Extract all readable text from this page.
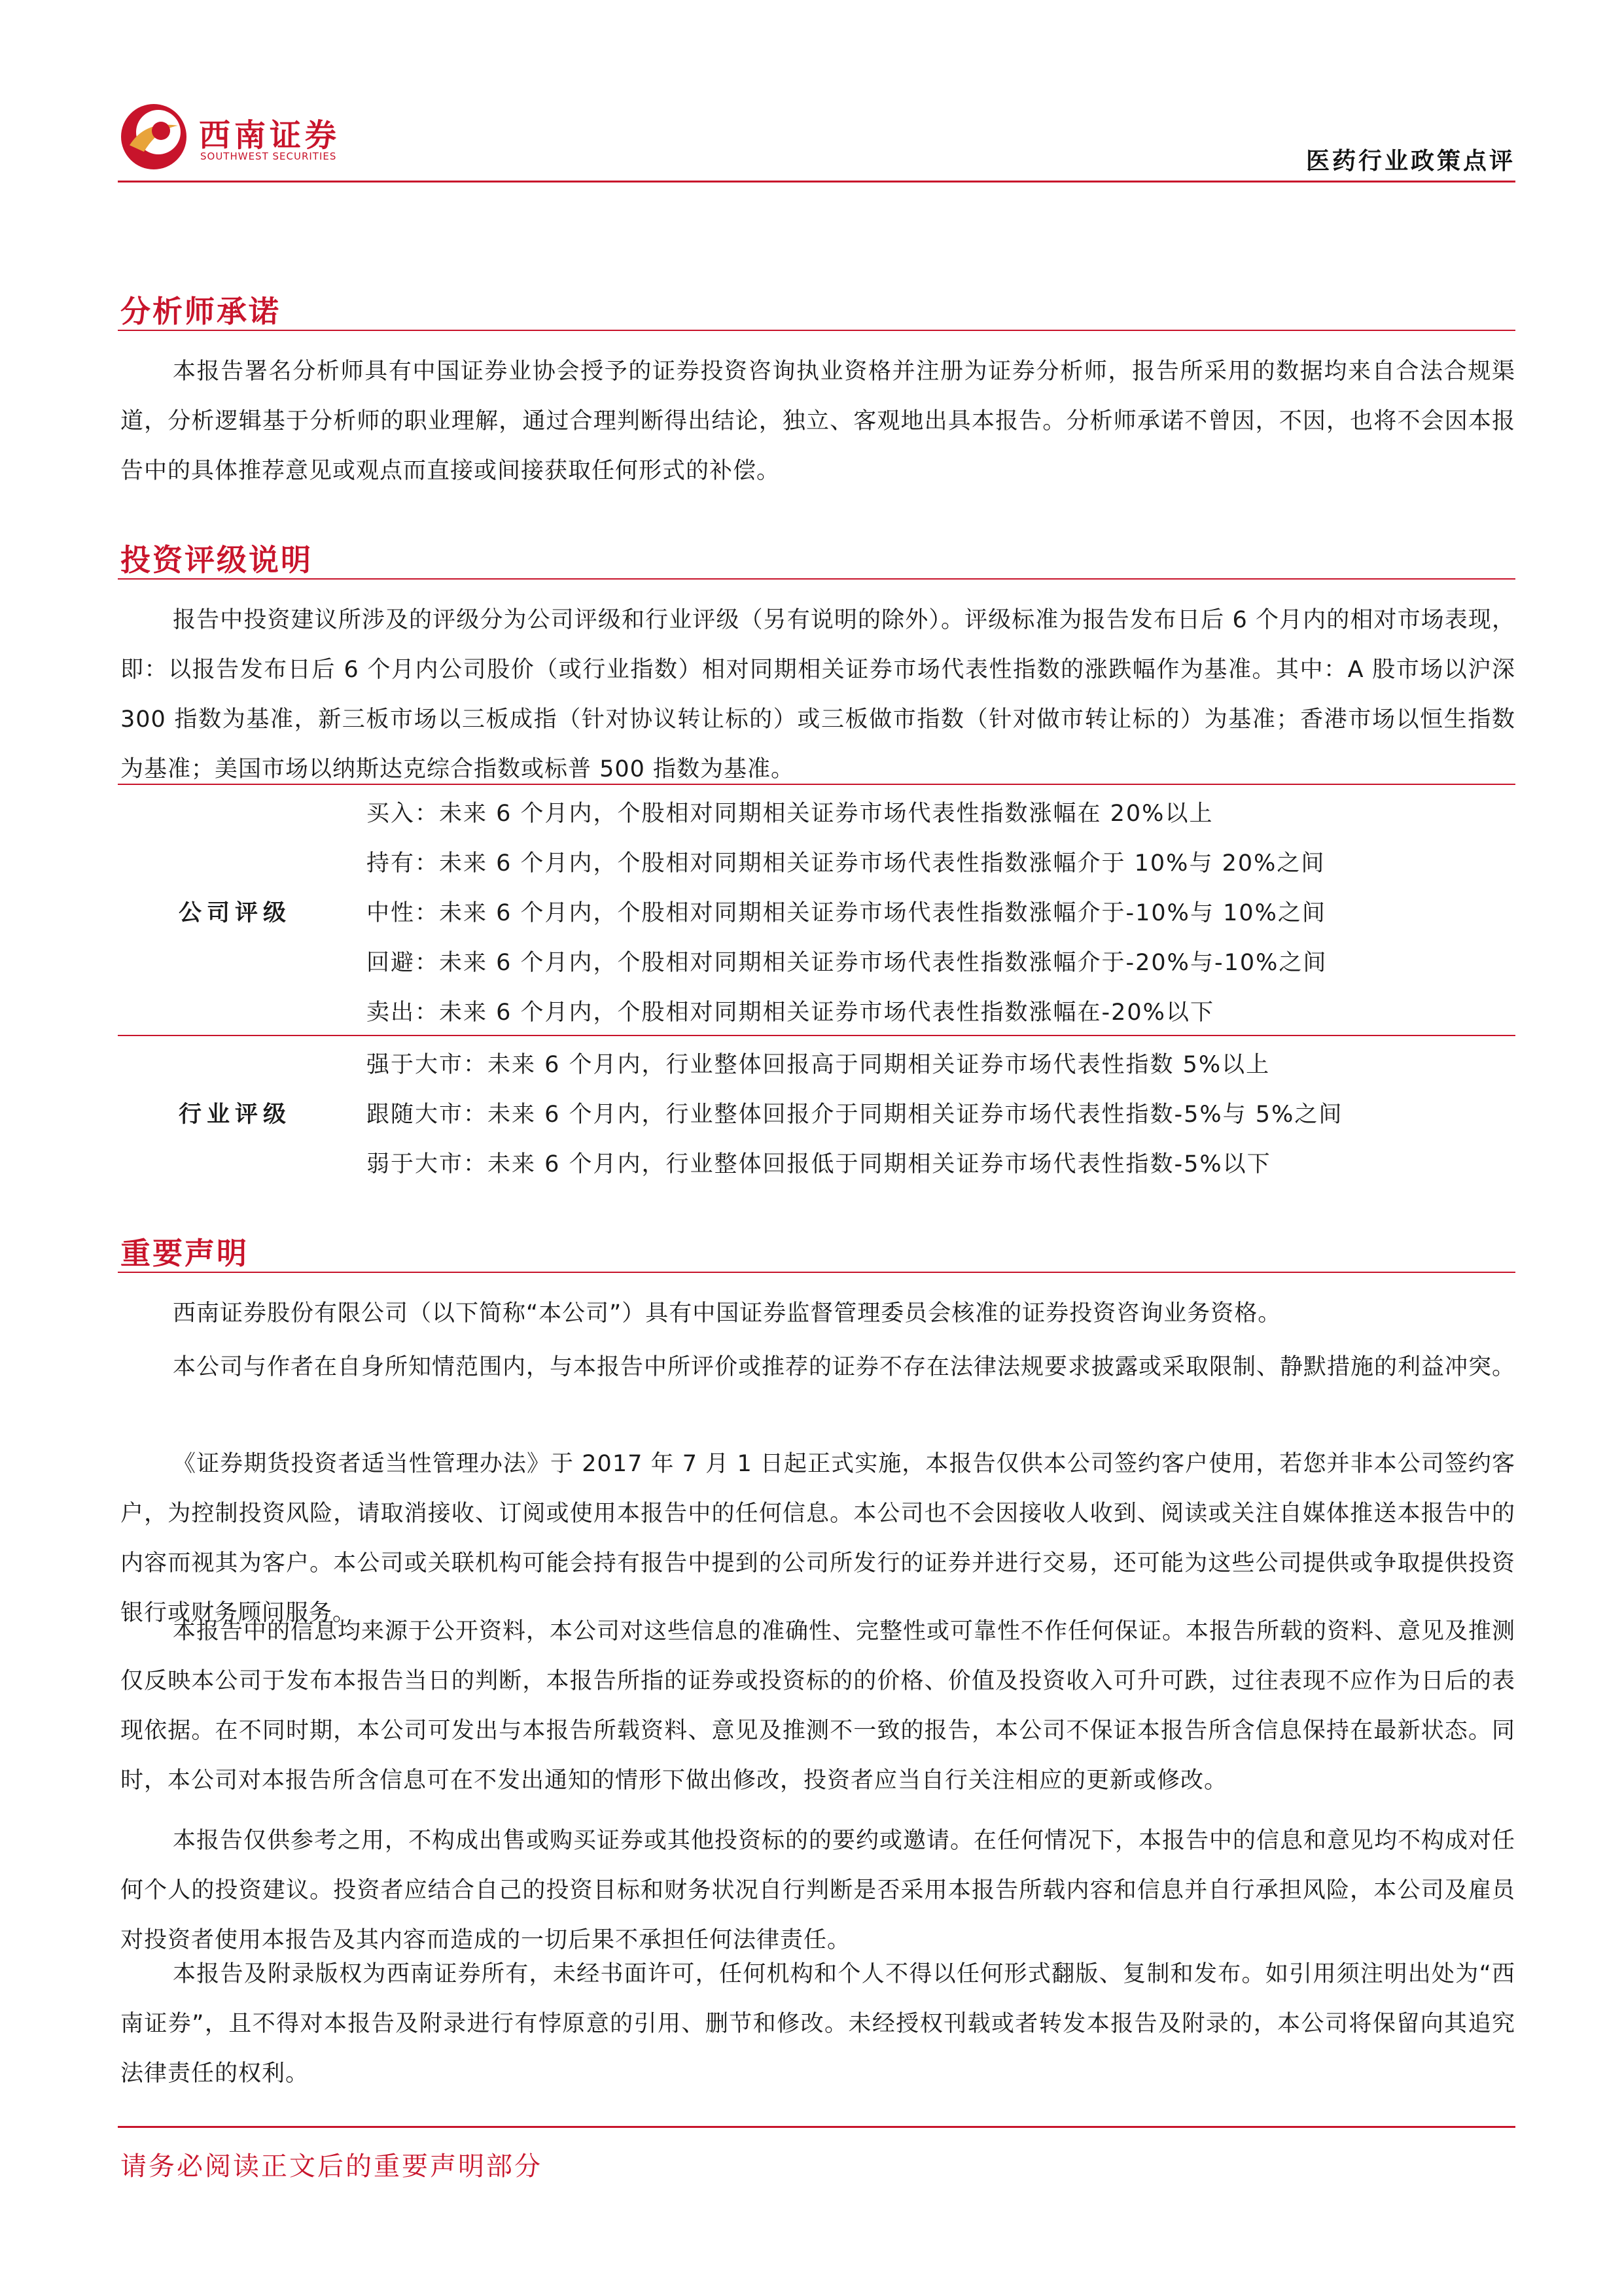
西南证券
SOUTHWEST SECURITIES	医药行业政策点评
分析师承诺
本报告署名分析师具有中国证券业协会授予的证券投资咨询执业资格并注册为证券分析师，报告所采用的数据均来自合法合规渠道，分析逻辑基于分析师的职业理解，通过合理判断得出结论，独立、客观地出具本报告。分析师承诺不曾因，不因，也将不会因本报告中的具体推荐意见或观点而直接或间接获取任何形式的补偿。
投资评级说明
报告中投资建议所涉及的评级分为公司评级和行业评级（另有说明的除外）。评级标准为报告发布日后 6 个月内的相对市场表现，即：以报告发布日后 6 个月内公司股价（或行业指数）相对同期相关证券市场代表性指数的涨跌幅作为基准。其中：A 股市场以沪深 300 指数为基准，新三板市场以三板成指（针对协议转让标的）或三板做市指数（针对做市转让标的）为基准；香港市场以恒生指数为基准；美国市场以纳斯达克综合指数或标普 500 指数为基准。
公司评级
买入：未来 6 个月内，个股相对同期相关证券市场代表性指数涨幅在 20%以上
持有：未来 6 个月内，个股相对同期相关证券市场代表性指数涨幅介于 10%与 20%之间
中性：未来 6 个月内，个股相对同期相关证券市场代表性指数涨幅介于-10%与 10%之间
回避：未来 6 个月内，个股相对同期相关证券市场代表性指数涨幅介于-20%与-10%之间
卖出：未来 6 个月内，个股相对同期相关证券市场代表性指数涨幅在-20%以下
行业评级
强于大市：未来 6 个月内，行业整体回报高于同期相关证券市场代表性指数 5%以上
跟随大市：未来 6 个月内，行业整体回报介于同期相关证券市场代表性指数-5%与 5%之间
弱于大市：未来 6 个月内，行业整体回报低于同期相关证券市场代表性指数-5%以下
重要声明
西南证券股份有限公司（以下简称“本公司”）具有中国证券监督管理委员会核准的证券投资咨询业务资格。
本公司与作者在自身所知情范围内，与本报告中所评价或推荐的证券不存在法律法规要求披露或采取限制、静默措施的利益冲突。
《证券期货投资者适当性管理办法》于 2017 年 7 月 1 日起正式实施，本报告仅供本公司签约客户使用，若您并非本公司签约客户，为控制投资风险，请取消接收、订阅或使用本报告中的任何信息。本公司也不会因接收人收到、阅读或关注自媒体推送本报告中的内容而视其为客户。本公司或关联机构可能会持有报告中提到的公司所发行的证券并进行交易，还可能为这些公司提供或争取提供投资银行或财务顾问服务。
本报告中的信息均来源于公开资料，本公司对这些信息的准确性、完整性或可靠性不作任何保证。本报告所载的资料、意见及推测仅反映本公司于发布本报告当日的判断，本报告所指的证券或投资标的的价格、价值及投资收入可升可跌，过往表现不应作为日后的表现依据。在不同时期，本公司可发出与本报告所载资料、意见及推测不一致的报告，本公司不保证本报告所含信息保持在最新状态。同时，本公司对本报告所含信息可在不发出通知的情形下做出修改，投资者应当自行关注相应的更新或修改。
本报告仅供参考之用，不构成出售或购买证券或其他投资标的的要约或邀请。在任何情况下，本报告中的信息和意见均不构成对任何个人的投资建议。投资者应结合自己的投资目标和财务状况自行判断是否采用本报告所载内容和信息并自行承担风险，本公司及雇员对投资者使用本报告及其内容而造成的一切后果不承担任何法律责任。
本报告及附录版权为西南证券所有，未经书面许可，任何机构和个人不得以任何形式翻版、复制和发布。如引用须注明出处为“西南证券”，且不得对本报告及附录进行有悖原意的引用、删节和修改。未经授权刊载或者转发本报告及附录的，本公司将保留向其追究法律责任的权利。
请务必阅读正文后的重要声明部分
